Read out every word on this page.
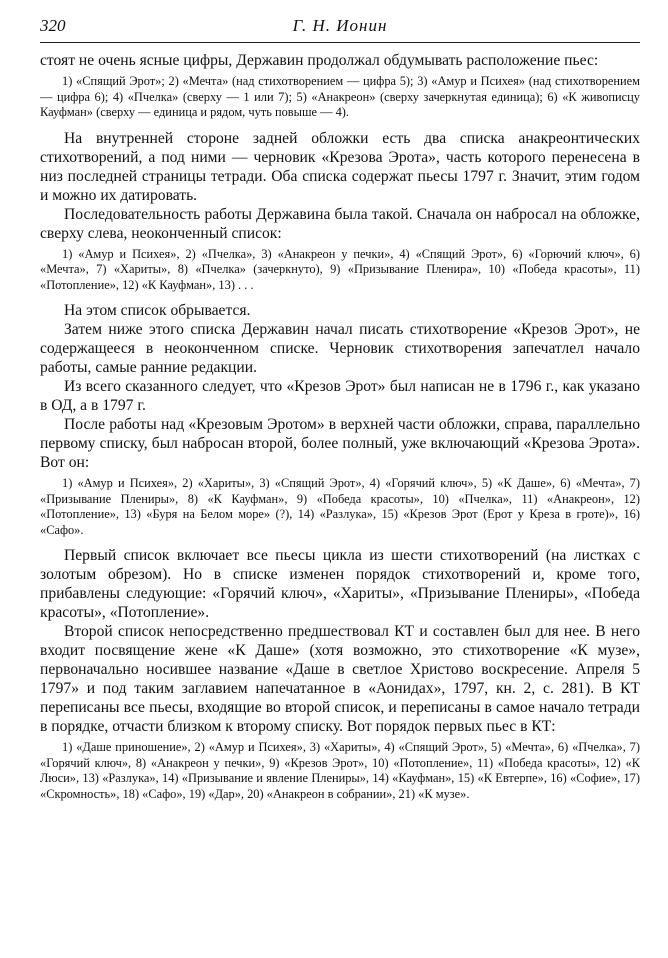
320	Г. Н. Ионин

стоят не очень ясные цифры, Державин продолжал обдумывать расположение пьес:

1) «Спящий Эрот»; 2) «Мечта» (над стихотворением — цифра 5); 3) «Амур и Психея» (над стихотворением — цифра 6); 4) «Пчелка» (сверху — 1 или 7); 5) «Анакреон» (сверху зачеркнутая единица); 6) «К живописцу Кауфман» (сверху — единица и рядом, чуть повыше — 4).

На внутренней стороне задней обложки есть два списка анакреонтических стихотворений, а под ними — черновик «Крезова Эрота», часть которого перенесена в низ последней страницы тетради. Оба списка содержат пьесы 1797 г. Значит, этим годом и можно их датировать.

Последовательность работы Державина была такой. Сначала он набросал на обложке, сверху слева, неоконченный список:

1) «Амур и Психея», 2) «Пчелка», 3) «Анакреон у печки», 4) «Спящий Эрот», 6) «Горючий ключ», 6) «Мечта», 7) «Хариты», 8) «Пчелка» (зачеркнуто), 9) «Призывание Пленира», 10) «Победа красоты», 11) «Потопление», 12) «К Кауфман», 13) . . .

На этом список обрывается.

Затем ниже этого списка Державин начал писать стихотворение «Крезов Эрот», не содержащееся в неоконченном списке. Черновик стихотворения запечатлел начало работы, самые ранние редакции.

Из всего сказанного следует, что «Крезов Эрот» был написан не в 1796 г., как указано в ОД, а в 1797 г.

После работы над «Крезовым Эротом» в верхней части обложки, справа, параллельно первому списку, был набросан второй, более полный, уже включающий «Крезова Эрота». Вот он:

1) «Амур и Психея», 2) «Хариты», 3) «Спящий Эрот», 4) «Горячий ключ», 5) «К Даше», 6) «Мечта», 7) «Призывание Плениры», 8) «К Кауфман», 9) «Победа красоты», 10) «Пчелка», 11) «Анакреон», 12) «Потопление», 13) «Буря на Белом море» (?), 14) «Разлука», 15) «Крезов Эрот (Ерот у Креза в гроте)», 16) «Сафо».

Первый список включает все пьесы цикла из шести стихотворений (на листках с золотым обрезом). Но в списке изменен порядок стихотворений и, кроме того, прибавлены следующие: «Горячий ключ», «Хариты», «Призывание Плениры», «Победа красоты», «Потопление».

Второй список непосредственно предшествовал КТ и составлен был для нее. В него входит посвящение жене «К Даше» (хотя возможно, это стихотворение «К музе», первоначально носившее название «Даше в светлое Христово воскресение. Апреля 5 1797» и под таким заглавием напечатанное в «Аонидах», 1797, кн. 2, с. 281). В КТ переписаны все пьесы, входящие во второй список, и переписаны в самое начало тетради в порядке, отчасти близком к второму списку. Вот порядок первых пьес в КТ:

1) «Даше приношение», 2) «Амур и Психея», 3) «Хариты», 4) «Спящий Эрот», 5) «Мечта», 6) «Пчелка», 7) «Горячий ключ», 8) «Анакреон у печки», 9) «Крезов Эрот», 10) «Потопление», 11) «Победа красоты», 12) «К Люси», 13) «Разлука», 14) «Призывание и явление Плениры», 14) «Кауфман», 15) «К Евтерпе», 16) «Софие», 17) «Скромность», 18) «Сафо», 19) «Дар», 20) «Анакреон в собрании», 21) «К музе».
